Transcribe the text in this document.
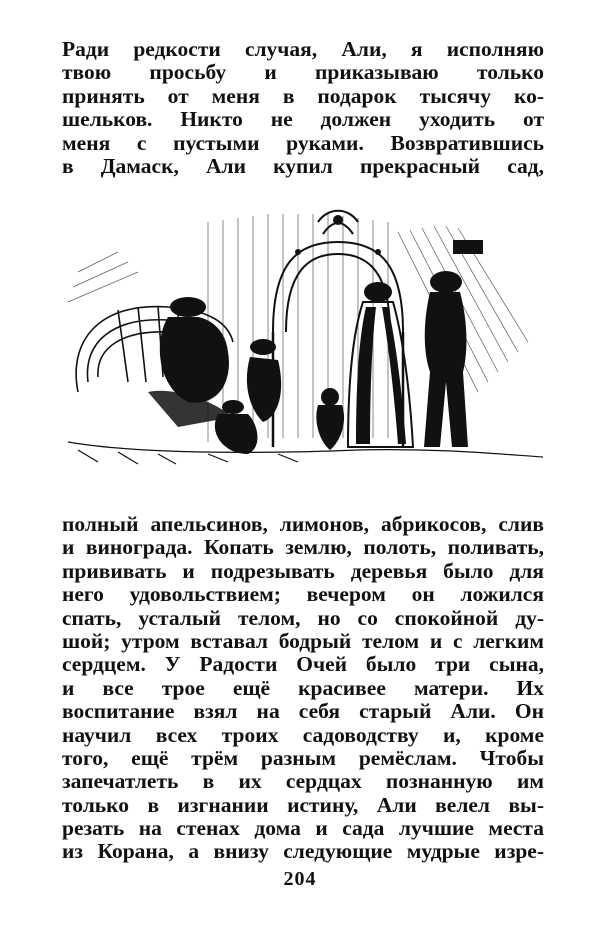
Ради редкости случая, Али, я исполняю
твою просьбу и приказываю только
принять от меня в подарок тысячу ко-
шельков. Никто не должен уходить от
меня с пустыми руками. Возвратившись
в Дамаск, Али купил прекрасный сад,
полный апельсинов, лимонов, абрикосов, слив
и винограда. Копать землю, полоть, поливать,
прививать и подрезывать деревья было для
него удовольствием; вечером он ложился
спать, усталый телом, но со спокойной ду-
шой; утром вставал бодрый телом и с легким
сердцем. У Радости Очей было три сына,
и все трое ещё красивее матери. Их
воспитание взял на себя старый Али. Он
научил всех троих садоводству и, кроме
того, ещё трём разным ремёслам. Чтобы
запечатлеть в их сердцах познанную им
только в изгнании истину, Али велел вы-
резать на стенах дома и сада лучшие места
из Корана, а внизу следующие мудрые изре-
204
